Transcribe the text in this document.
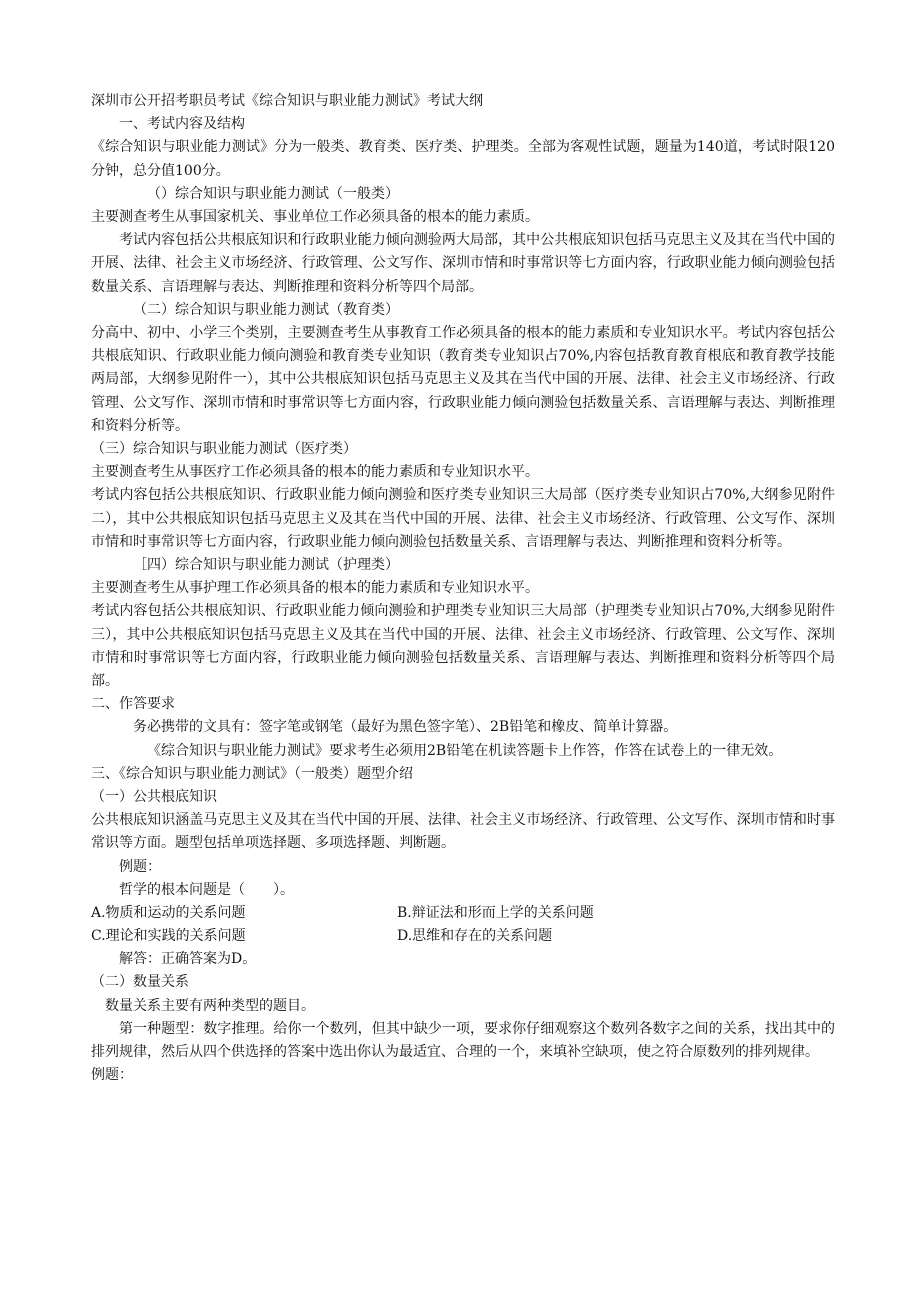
深圳市公开招考职员考试《综合知识与职业能力测试》考试大纲
一、考试内容及结构

《综合知识与职业能力测试》分为一般类、教育类、医疗类、护理类。全部为客观性试题，题量为140道，考试时限120分钟，总分值100分。

（）综合知识与职业能力测试（一般类）

主要测查考生从事国家机关、事业单位工作必须具备的根本的能力素质。

考试内容包括公共根底知识和行政职业能力倾向测验两大局部，其中公共根底知识包括马克思主义及其在当代中国的开展、法律、社会主义市场经济、行政管理、公文写作、深圳市情和时事常识等七方面内容，行政职业能力倾向测验包括数量关系、言语理解与表达、判断推理和资料分析等四个局部。

（二）综合知识与职业能力测试（教育类）

分高中、初中、小学三个类别，主要测查考生从事教育工作必须具备的根本的能力素质和专业知识水平。考试内容包括公共根底知识、行政职业能力倾向测验和教育类专业知识（教育类专业知识占70%,内容包括教育教育根底和教育教学技能两局部，大纲参见附件一），其中公共根底知识包括马克思主义及其在当代中国的开展、法律、社会主义市场经济、行政管理、公文写作、深圳市情和时事常识等七方面内容，行政职业能力倾向测验包括数量关系、言语理解与表达、判断推理和资料分析等。

（三）综合知识与职业能力测试（医疗类）

主要测查考生从事医疗工作必须具备的根本的能力素质和专业知识水平。

考试内容包括公共根底知识、行政职业能力倾向测验和医疗类专业知识三大局部（医疗类专业知识占70%,大纲参见附件二），其中公共根底知识包括马克思主义及其在当代中国的开展、法律、社会主义市场经济、行政管理、公文写作、深圳市情和时事常识等七方面内容，行政职业能力倾向测验包括数量关系、言语理解与表达、判断推理和资料分析等。

［四）综合知识与职业能力测试（护理类）

主要测查考生从事护理工作必须具备的根本的能力素质和专业知识水平。

考试内容包括公共根底知识、行政职业能力倾向测验和护理类专业知识三大局部（护理类专业知识占70%,大纲参见附件三），其中公共根底知识包括马克思主义及其在当代中国的开展、法律、社会主义市场经济、行政管理、公文写作、深圳市情和时事常识等七方面内容，行政职业能力倾向测验包括数量关系、言语理解与表达、判断推理和资料分析等四个局部。

二、作答要求
务必携带的文具有：签字笔或钢笔（最好为黑色签字笔）、2B铅笔和橡皮、简单计算器。
《综合知识与职业能力测试》要求考生必须用2B铅笔在机读答题卡上作答，作答在试卷上的一律无效。
三、《综合知识与职业能力测试》（一般类）题型介绍
（一）公共根底知识

公共根底知识涵盖马克思主义及其在当代中国的开展、法律、社会主义市场经济、行政管理、公文写作、深圳市情和时事常识等方面。题型包括单项选择题、多项选择题、判断题。

例题：
哲学的根本问题是（　　）。
A.物质和运动的关系问题	B.辩证法和形而上学的关系问题
C.理论和实践的关系问题	D.思维和存在的关系问题
解答：正确答案为D。
（二）数量关系
数量关系主要有两种类型的题目。

第一种题型：数字推理。给你一个数列，但其中缺少一项，要求你仔细观察这个数列各数字之间的关系，找出其中的排列规律，然后从四个供选择的答案中选出你认为最适宜、合理的一个，来填补空缺项，使之符合原数列的排列规律。

例题：
